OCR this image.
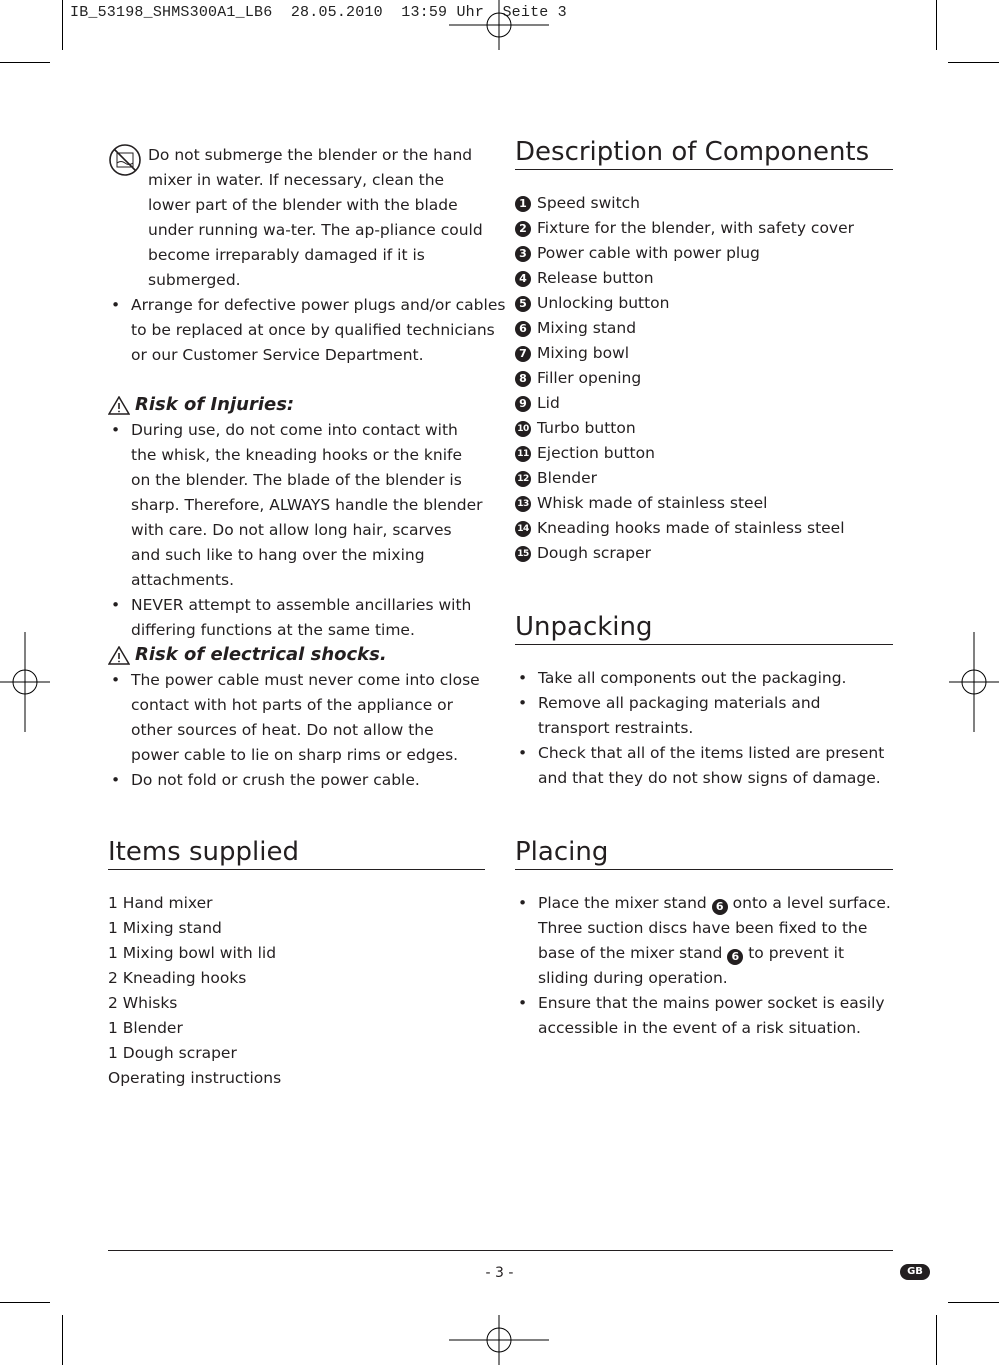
IB_53198_SHMS300A1_LB6  28.05.2010  13:59 Uhr  Seite 3
Do not submerge the blender or the hand mixer in water. If necessary, clean the lower part of the blender with the blade under running wa-ter. The ap-pliance could become irreparably damaged if it is submerged.
• Arrange for defective power plugs and/or cables to be replaced at once by qualified technicians or our Customer Service Department.
Risk of Injuries:
• During use, do not come into contact with the whisk, the kneading hooks or the knife on the blender. The blade of the blender is sharp. Therefore, ALWAYS handle the blender with care. Do not allow long hair, scarves and such like to hang over the mixing attachments.
• NEVER attempt to assemble ancillaries with differing functions at the same time.
Risk of electrical shocks.
• The power cable must never come into close contact with hot parts of the appliance or other sources of heat. Do not allow the power cable to lie on sharp rims or edges.
• Do not fold or crush the power cable.
Items supplied
1 Hand mixer
1 Mixing stand
1 Mixing bowl with lid
2 Kneading hooks
2 Whisks
1 Blender
1 Dough scraper
Operating instructions
Description of Components
1 Speed switch
2 Fixture for the blender, with safety cover
3 Power cable with power plug
4 Release button
5 Unlocking button
6 Mixing stand
7 Mixing bowl
8 Filler opening
9 Lid
10 Turbo button
11 Ejection button
12 Blender
13 Whisk made of stainless steel
14 Kneading hooks made of stainless steel
15 Dough scraper
Unpacking
• Take all components out the packaging.
• Remove all packaging materials and transport restraints.
• Check that all of the items listed are present and that they do not show signs of damage.
Placing
• Place the mixer stand 6 onto a level surface. Three suction discs have been fixed to the base of the mixer stand 6 to prevent it sliding during operation.
• Ensure that the mains power socket is easily accessible in the event of a risk situation.
- 3 -	GB
